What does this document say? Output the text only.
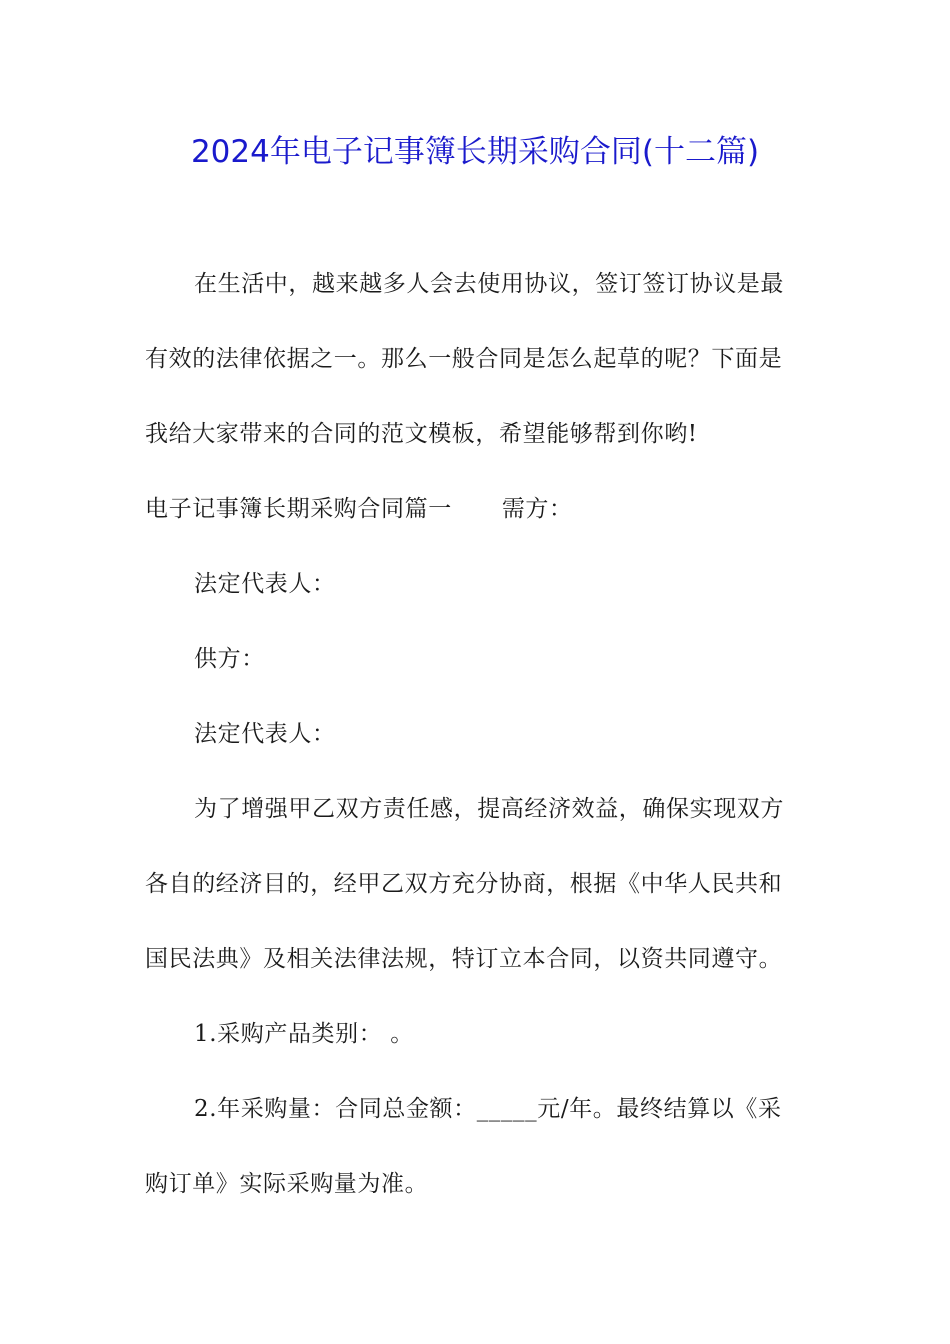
2024年电子记事簿长期采购合同(十二篇)
在生活中，越来越多人会去使用协议，签订签订协议是最
有效的法律依据之一。那么一般合同是怎么起草的呢？下面是
我给大家带来的合同的范文模板，希望能够帮到你哟!
电子记事簿长期采购合同篇一 需方：
法定代表人：
供方：
法定代表人：
为了增强甲乙双方责任感，提高经济效益，确保实现双方
各自的经济目的，经甲乙双方充分协商，根据《中华人民共和
国民法典》及相关法律法规，特订立本合同，以资共同遵守。
1.采购产品类别： 。
2.年采购量：合同总金额：_____元/年。最终结算以《采
购订单》实际采购量为准。
